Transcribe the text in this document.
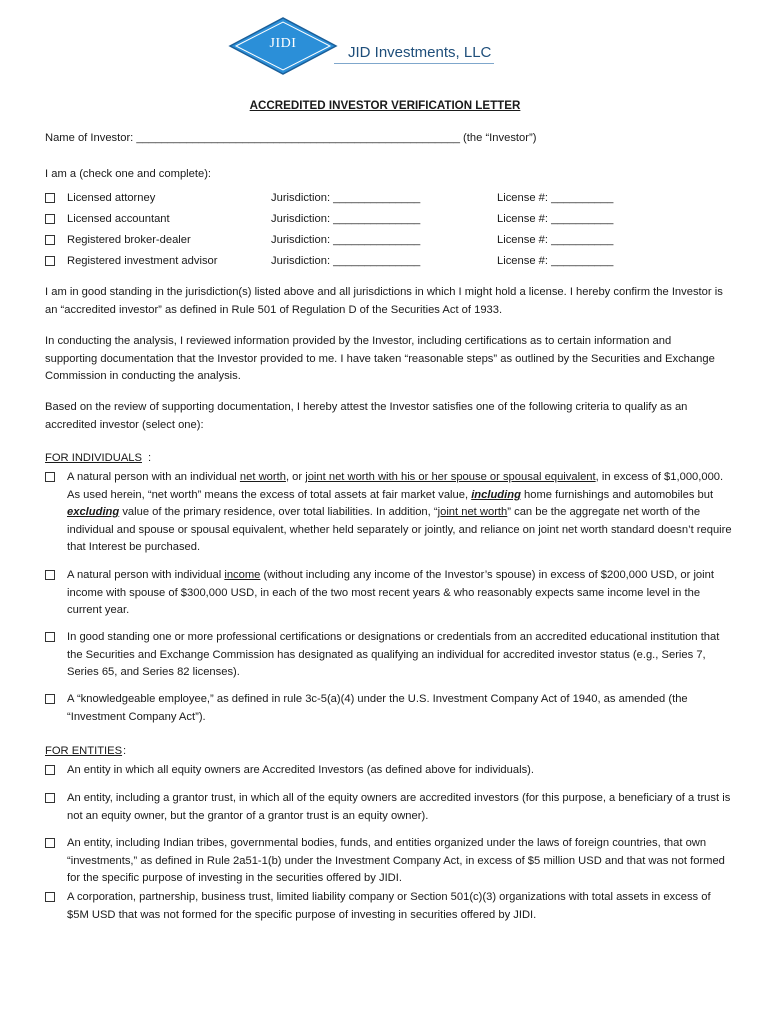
JIDI
JID Investments, LLC
ACCREDITED INVESTOR VERIFICATION LETTER
Name of Investor: ____________________________________________________ (the “Investor”)
I am a (check one and complete):
Licensed attorney	Jurisdiction: ______________	License #: __________
Licensed accountant	Jurisdiction: ______________	License #: __________
Registered broker-dealer	Jurisdiction: ______________	License #: __________
Registered investment advisor	Jurisdiction: ______________	License #: __________
I am in good standing in the jurisdiction(s) listed above and all jurisdictions in which I might hold a license. I hereby confirm the Investor is an “accredited investor” as defined in Rule 501 of Regulation D of the Securities Act of 1933.
In conducting the analysis, I reviewed information provided by the Investor, including certifications as to certain information and supporting documentation that the Investor provided to me. I have taken “reasonable steps” as outlined by the Securities and Exchange Commission in conducting the analysis.
Based on the review of supporting documentation, I hereby attest the Investor satisfies one of the following criteria to qualify as an accredited investor (select one):
FOR INDIVIDUALS :
A natural person with an individual net worth, or joint net worth with his or her spouse or spousal equivalent, in excess of $1,000,000. As used herein, “net worth” means the excess of total assets at fair market value, including home furnishings and automobiles but excluding value of the primary residence, over total liabilities. In addition, “joint net worth” can be the aggregate net worth of the individual and spouse or spousal equivalent, whether held separately or jointly, and reliance on joint net worth standard doesn’t require that Interest be purchased.
A natural person with individual income (without including any income of the Investor’s spouse) in excess of $200,000 USD, or joint income with spouse of $300,000 USD, in each of the two most recent years & who reasonably expects same income level in the current year.
In good standing one or more professional certifications or designations or credentials from an accredited educational institution that the Securities and Exchange Commission has designated as qualifying an individual for accredited investor status (e.g., Series 7, Series 65, and Series 82 licenses).
A “knowledgeable employee,” as defined in rule 3c-5(a)(4) under the U.S. Investment Company Act of 1940, as amended (the “Investment Company Act”).
FOR ENTITIES :
An entity in which all equity owners are Accredited Investors (as defined above for individuals).
An entity, including a grantor trust, in which all of the equity owners are accredited investors (for this purpose, a beneficiary of a trust is not an equity owner, but the grantor of a grantor trust is an equity owner).
An entity, including Indian tribes, governmental bodies, funds, and entities organized under the laws of foreign countries, that own “investments,” as defined in Rule 2a51-1(b) under the Investment Company Act, in excess of $5 million USD and that was not formed for the specific purpose of investing in the securities offered by JIDI.
A corporation, partnership, business trust, limited liability company or Section 501(c)(3) organizations with total assets in excess of $5M USD that was not formed for the specific purpose of investing in securities offered by JIDI.
